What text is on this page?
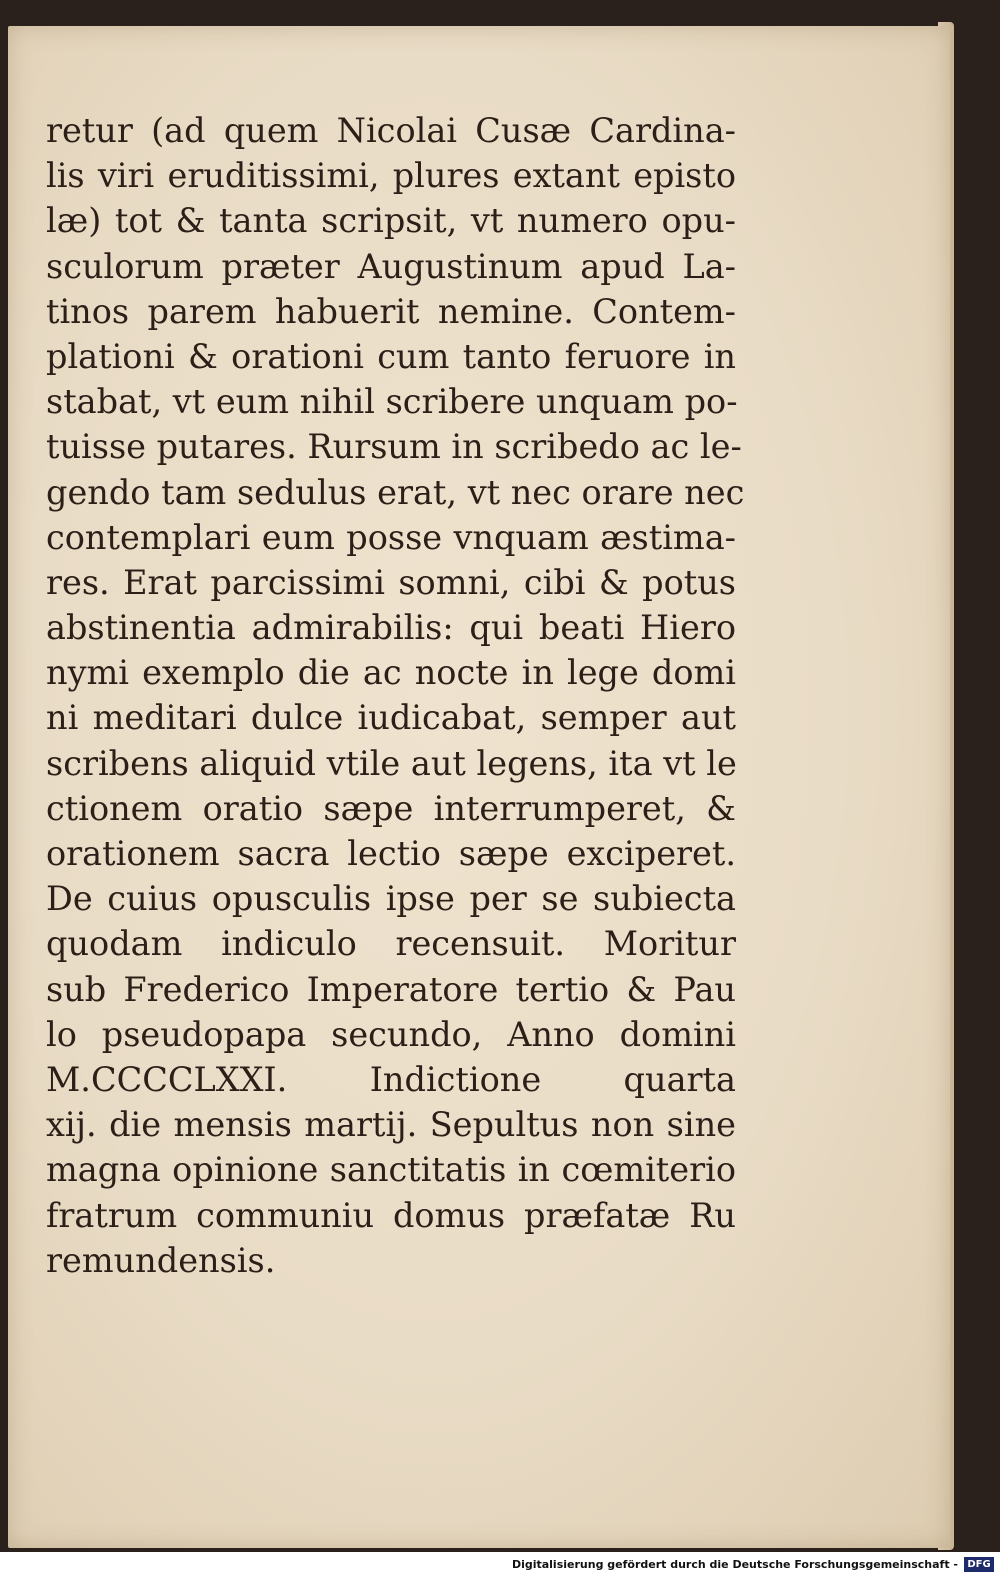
retur (ad quem Nicolai Cusæ Cardina-
lis viri eruditissimi, plures extant episto
læ) tot & tanta scripsit, vt numero opu-
sculorum præter Augustinum apud La-
tinos parem habuerit nemine. Contem-
plationi & orationi cum tanto feruore in
stabat, vt eum nihil scribere unquam po-
tuisse putares. Rursum in scribedo ac le-
gendo tam sedulus erat, vt nec orare nec
contemplari eum posse vnquam æstima-
res. Erat parcissimi somni, cibi & potus
abstinentia admirabilis: qui beati Hiero
nymi exemplo die ac nocte in lege domi
ni meditari dulce iudicabat, semper aut
scribens aliquid vtile aut legens, ita vt le
ctionem oratio sæpe interrumperet, &
orationem sacra lectio sæpe exciperet.
De cuius opusculis ipse per se subiecta
quodam indiculo recensuit. Moritur
sub Frederico Imperatore tertio & Pau
lo pseudopapa secundo, Anno domini
M.CCCCLXXI. Indictione quarta
xij. die mensis martij. Sepultus non sine
magna opinione sanctitatis in cœmiterio
fratrum communiu domus præfatæ Ru
remundensis.
Digitalisierung gefördert durch die Deutsche Forschungsgemeinschaft - DFG
